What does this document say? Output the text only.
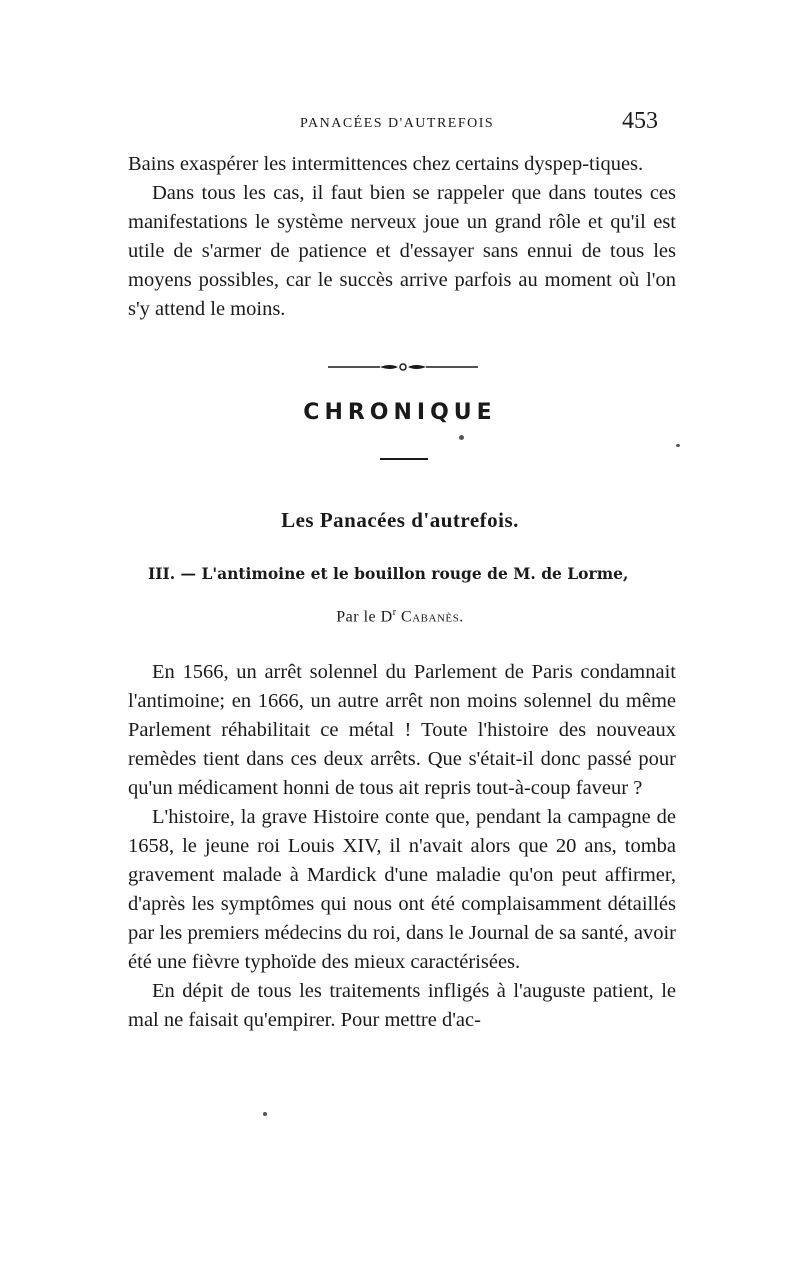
PANACÉES D'AUTREFOIS	453

Bains exaspérer les intermittences chez certains dyspep-tiques.

Dans tous les cas, il faut bien se rappeler que dans toutes ces manifestations le système nerveux joue un grand rôle et qu'il est utile de s'armer de patience et d'essayer sans ennui de tous les moyens possibles, car le succès arrive parfois au moment où l'on s'y attend le moins.

CHRONIQUE
Les Panacées d'autrefois.
III. — L'antimoine et le bouillon rouge de M. de Lorme,
Par le $D^r$ Cabanès.

En 1566, un arrêt solennel du Parlement de Paris condamnait l'antimoine; en 1666, un autre arrêt non moins solennel du même Parlement réhabilitait ce métal ! Toute l'histoire des nouveaux remèdes tient dans ces deux arrêts. Que s'était-il donc passé pour qu'un médicament honni de tous ait repris tout-à-coup faveur ?

L'histoire, la grave Histoire conte que, pendant la campagne de 1658, le jeune roi Louis XIV, il n'avait alors que 20 ans, tomba gravement malade à Mardick d'une maladie qu'on peut affirmer, d'après les symptômes qui nous ont été complaisamment détaillés par les premiers médecins du roi, dans le Journal de sa santé, avoir été une fièvre typhoïde des mieux caractérisées.

En dépit de tous les traitements infligés à l'auguste patient, le mal ne faisait qu'empirer. Pour mettre d'ac-
